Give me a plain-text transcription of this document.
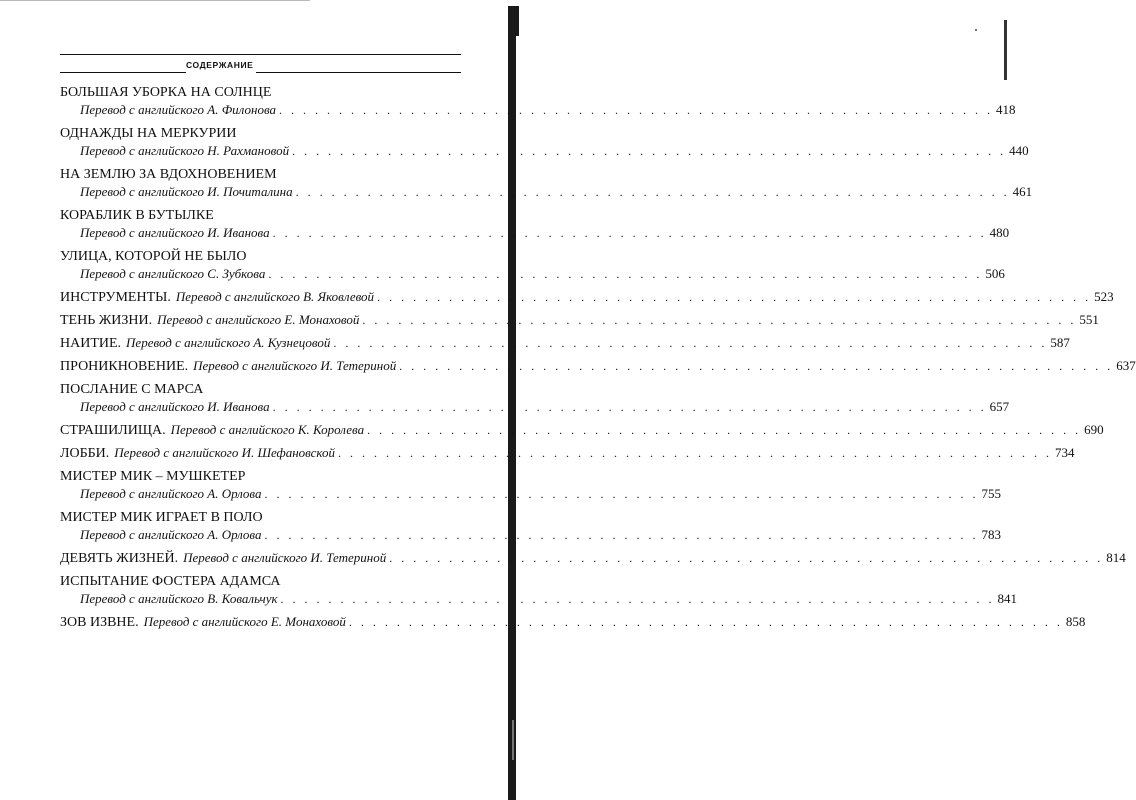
СОДЕРЖАНИЕ
БОЛЬШАЯ УБОРКА НА СОЛНЦЕ
Перевод с английского А. Филонова . . . . . . . . . . . . . . . . . . . . . . . . . . . . . . . . . . . . . . . . . . . . . . . . . . . . . . . . . . . . 418
ОДНАЖДЫ НА МЕРКУРИИ
Перевод с английского Н. Рахмановой . . . . . . . . . . . . . . . . . . . . . . . . . . . . . . . . . . . . . . . . . . . . . . . . . . . . . . . . . . . . 440
НА ЗЕМЛЮ ЗА ВДОХНОВЕНИЕМ
Перевод с английского И. Почиталина . . . . . . . . . . . . . . . . . . . . . . . . . . . . . . . . . . . . . . . . . . . . . . . . . . . . . . . . . . . . 461
КОРАБЛИК В БУТЫЛКЕ
Перевод с английского И. Иванова . . . . . . . . . . . . . . . . . . . . . . . . . . . . . . . . . . . . . . . . . . . . . . . . . . . . . . . . . . . . 480
УЛИЦА, КОТОРОЙ НЕ БЫЛО
Перевод с английского С. Зубкова . . . . . . . . . . . . . . . . . . . . . . . . . . . . . . . . . . . . . . . . . . . . . . . . . . . . . . . . . . . . 506
ИНСТРУМЕНТЫ. Перевод с английского В. Яковлевой . . . . . . . . . . . . . . . . . . . . . . . . . . . . . . . . . . . . . . . . . . . . . . . . . . . . . . . . . . . . 523
ТЕНЬ ЖИЗНИ. Перевод с английского Е. Монаховой . . . . . . . . . . . . . . . . . . . . . . . . . . . . . . . . . . . . . . . . . . . . . . . . . . . . . . . . . . . . 551
НАИТИЕ. Перевод с английского А. Кузнецовой . . . . . . . . . . . . . . . . . . . . . . . . . . . . . . . . . . . . . . . . . . . . . . . . . . . . . . . . . . . . 587
ПРОНИКНОВЕНИЕ. Перевод с английского И. Тетериной . . . . . . . . . . . . . . . . . . . . . . . . . . . . . . . . . . . . . . . . . . . . . . . . . . . . . . . . . . . . 637
ПОСЛАНИЕ С МАРСА
Перевод с английского И. Иванова . . . . . . . . . . . . . . . . . . . . . . . . . . . . . . . . . . . . . . . . . . . . . . . . . . . . . . . . . . . . 657
СТРАШИЛИЩА. Перевод с английского К. Королева . . . . . . . . . . . . . . . . . . . . . . . . . . . . . . . . . . . . . . . . . . . . . . . . . . . . . . . . . . . . 690
ЛОББИ. Перевод с английского И. Шефановской . . . . . . . . . . . . . . . . . . . . . . . . . . . . . . . . . . . . . . . . . . . . . . . . . . . . . . . . . . . . 734
МИСТЕР МИК – МУШКЕТЕР
Перевод с английского А. Орлова . . . . . . . . . . . . . . . . . . . . . . . . . . . . . . . . . . . . . . . . . . . . . . . . . . . . . . . . . . . . 755
МИСТЕР МИК ИГРАЕТ В ПОЛО
Перевод с английского А. Орлова . . . . . . . . . . . . . . . . . . . . . . . . . . . . . . . . . . . . . . . . . . . . . . . . . . . . . . . . . . . . 783
ДЕВЯТЬ ЖИЗНЕЙ. Перевод с английского И. Тетериной . . . . . . . . . . . . . . . . . . . . . . . . . . . . . . . . . . . . . . . . . . . . . . . . . . . . . . . . . . . . 814
ИСПЫТАНИЕ ФОСТЕРА АДАМСА
Перевод с английского В. Ковальчук . . . . . . . . . . . . . . . . . . . . . . . . . . . . . . . . . . . . . . . . . . . . . . . . . . . . . . . . . . . . 841
ЗОВ ИЗВНЕ. Перевод с английского Е. Монаховой . . . . . . . . . . . . . . . . . . . . . . . . . . . . . . . . . . . . . . . . . . . . . . . . . . . . . . . . . . . . 858
